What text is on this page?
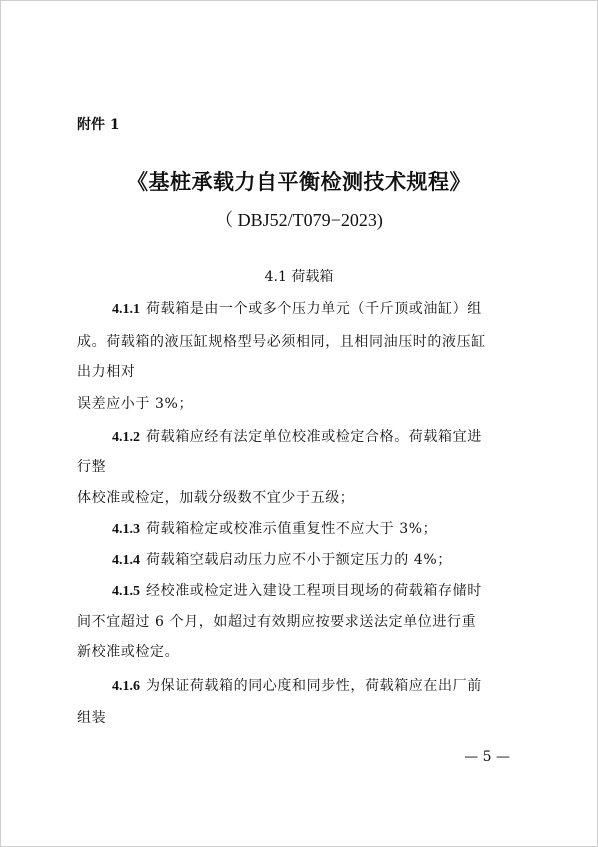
附件 1
《基桩承载力自平衡检测技术规程》
（ DBJ52/T079−2023)
4.1 荷载箱
4.1.1 荷载箱是由一个或多个压力单元（千斤顶或油缸）组
成。荷载箱的液压缸规格型号必须相同，且相同油压时的液压缸
出力相对
误差应小于 3%；
4.1.2 荷载箱应经有法定单位校准或检定合格。荷载箱宜进
行整
体校准或检定，加载分级数不宜少于五级；
4.1.3 荷载箱检定或校准示值重复性不应大于 3%；
4.1.4 荷载箱空载启动压力应不小于额定压力的 4%；
4.1.5 经校准或检定进入建设工程项目现场的荷载箱存储时
间不宜超过 6 个月，如超过有效期应按要求送法定单位进行重
新校准或检定。
4.1.6 为保证荷载箱的同心度和同步性，荷载箱应在出厂前
组装
— 5 —
